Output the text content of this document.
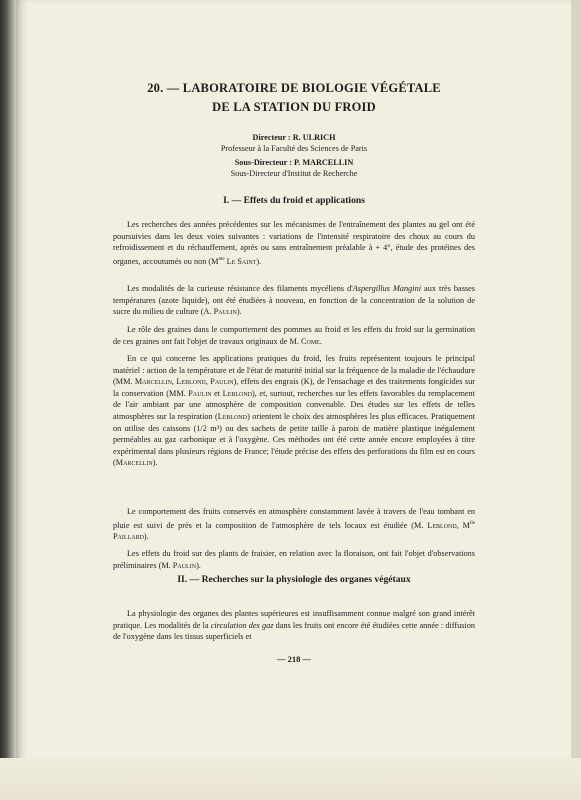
20. — LABORATOIRE DE BIOLOGIE VÉGÉTALE
DE LA STATION DU FROID
Directeur : R. ULRICH
Professeur à la Faculté des Sciences de Paris
Sous-Directeur : P. MARCELLIN
Sous-Directeur d'Institut de Recherche
I. — Effets du froid et applications
Les recherches des années précédentes sur les mécanismes de l'entraînement des plantes au gel ont été poursuivies dans les deux voies suivantes : variations de l'intensité respiratoire des choux au cours du refroidissement et du réchauffement, après ou sans entraînement préalable à + 4°, étude des protéines des organes, accoutumés ou non ($M^{me}$ Le Saint).
Les modalités de la curieuse résistance des filaments mycéliens d'Aspergillus Mangini aux très basses températures (azote liquide), ont été étudiées à nouveau, en fonction de la concentration de la solution de sucre du milieu de culture (A. Paulin).
Le rôle des graines dans le comportement des pommes au froid et les effets du froid sur la germination de ces graines ont fait l'objet de travaux originaux de M. Come.
En ce qui concerne les applications pratiques du froid, les fruits représentent toujours le principal matériel : action de la température et de l'état de maturité initial sur la fréquence de la maladie de l'échaudure (MM. Marcellin, Leblond, Paulin), effets des engrais (K), de l'ensachage et des traitements fongicides sur la conservation (MM. Paulin et Leblond), et, surtout, recherches sur les effets favorables du remplacement de l'air ambiant par une atmosphère de composition convenable. Des études sur les effets de telles atmosphères sur la respiration (Leblond) orientent le choix des atmosphères les plus efficaces. Pratiquement on utilise des caissons (1/2 m³) ou des sachets de petite taille à parois de matière plastique inégalement perméables au gaz carbonique et à l'oxygène. Ces méthodes ont été cette année encore employées à titre expérimental dans plusieurs régions de France; l'étude précise des effets des perforations du film est en cours (Marcellin).
Le comportement des fruits conservés en atmosphère constamment lavée à travers de l'eau tombant en pluie est suivi de près et la composition de l'atmosphère de tels locaux est étudiée (M. Leblond, $M^{lle}$ Paillard).
Les effets du froid sur des plants de fraisier, en relation avec la floraison, ont fait l'objet d'observations préliminaires (M. Paulin).
II. — Recherches sur la physiologie des organes végétaux
La physiologie des organes des plantes supérieures est insuffisamment connue malgré son grand intérêt pratique. Les modalités de la circulation des gaz dans les fruits ont encore été étudiées cette année : diffusion de l'oxygène dans les tissus superficiels et
— 218 —
